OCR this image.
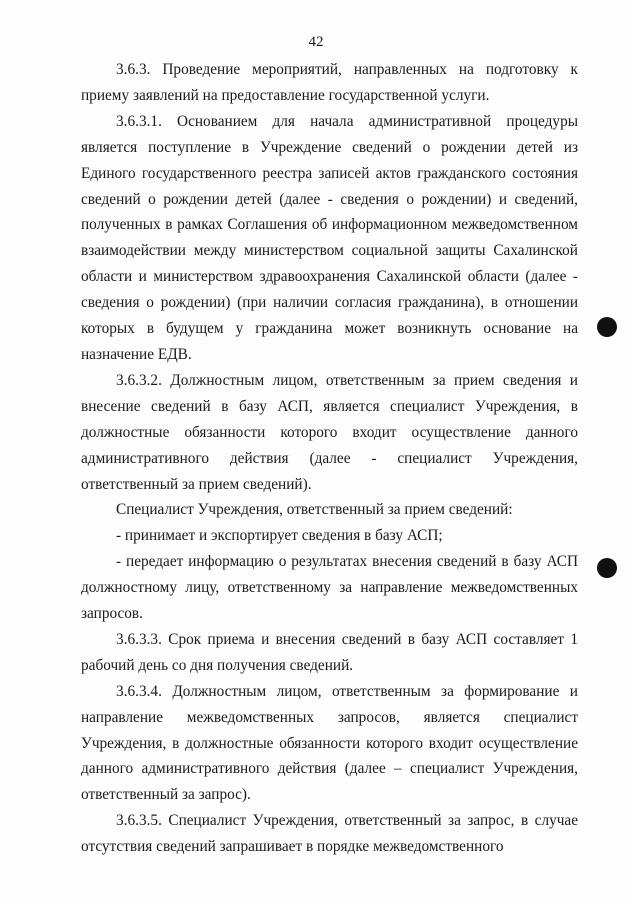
42

3.6.3. Проведение мероприятий, направленных на подготовку к приему заявлений на предоставление государственной услуги.

3.6.3.1. Основанием для начала административной процедуры является поступление в Учреждение сведений о рождении детей из Единого государственного реестра записей актов гражданского состояния сведений о рождении детей (далее - сведения о рождении) и сведений, полученных в рамках Соглашения об информационном межведомственном взаимодействии между министерством социальной защиты Сахалинской области и министерством здравоохранения Сахалинской области (далее - сведения о рождении) (при наличии согласия гражданина), в отношении которых в будущем у гражданина может возникнуть основание на назначение ЕДВ.

3.6.3.2. Должностным лицом, ответственным за прием сведения и внесение сведений в базу АСП, является специалист Учреждения, в должностные обязанности которого входит осуществление данного административного действия (далее - специалист Учреждения, ответственный за прием сведений).

Специалист Учреждения, ответственный за прием сведений:

- принимает и экспортирует сведения в базу АСП;

- передает информацию о результатах внесения сведений в базу АСП должностному лицу, ответственному за направление межведомственных запросов.

3.6.3.3. Срок приема и внесения сведений в базу АСП составляет 1 рабочий день со дня получения сведений.

3.6.3.4. Должностным лицом, ответственным за формирование и направление межведомственных запросов, является специалист Учреждения, в должностные обязанности которого входит осуществление данного административного действия (далее – специалист Учреждения, ответственный за запрос).

3.6.3.5. Специалист Учреждения, ответственный за запрос, в случае отсутствия сведений запрашивает в порядке межведомственного
